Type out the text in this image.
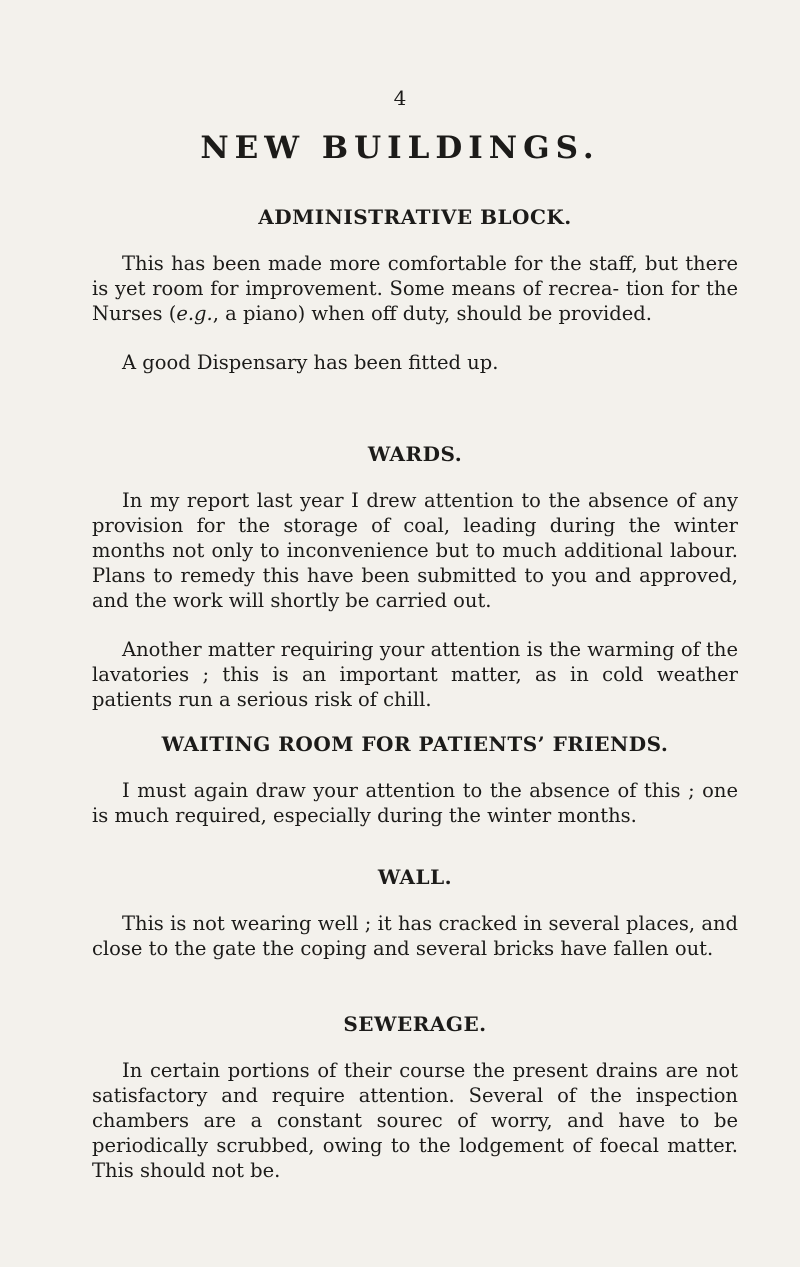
4
NEW BUILDINGS.
ADMINISTRATIVE BLOCK.

This has been made more comfortable for the staff, but there is yet room for improvement. Some means of recrea- tion for the Nurses (e.g., a piano) when off duty, should be provided.

A good Dispensary has been fitted up.

WARDS.

In my report last year I drew attention to the absence of any provision for the storage of coal, leading during the winter months not only to inconvenience but to much additional labour. Plans to remedy this have been submitted to you and approved, and the work will shortly be carried out.

Another matter requiring your attention is the warming of the lavatories ; this is an important matter, as in cold weather patients run a serious risk of chill.

WAITING ROOM FOR PATIENTS’ FRIENDS.

I must again draw your attention to the absence of this ; one is much required, especially during the winter months.

WALL.

This is not wearing well ; it has cracked in several places, and close to the gate the coping and several bricks have fallen out.

SEWERAGE.

In certain portions of their course the present drains are not satisfactory and require attention. Several of the inspection chambers are a constant sourec of worry, and have to be periodically scrubbed, owing to the lodgement of foecal matter. This should not be.
